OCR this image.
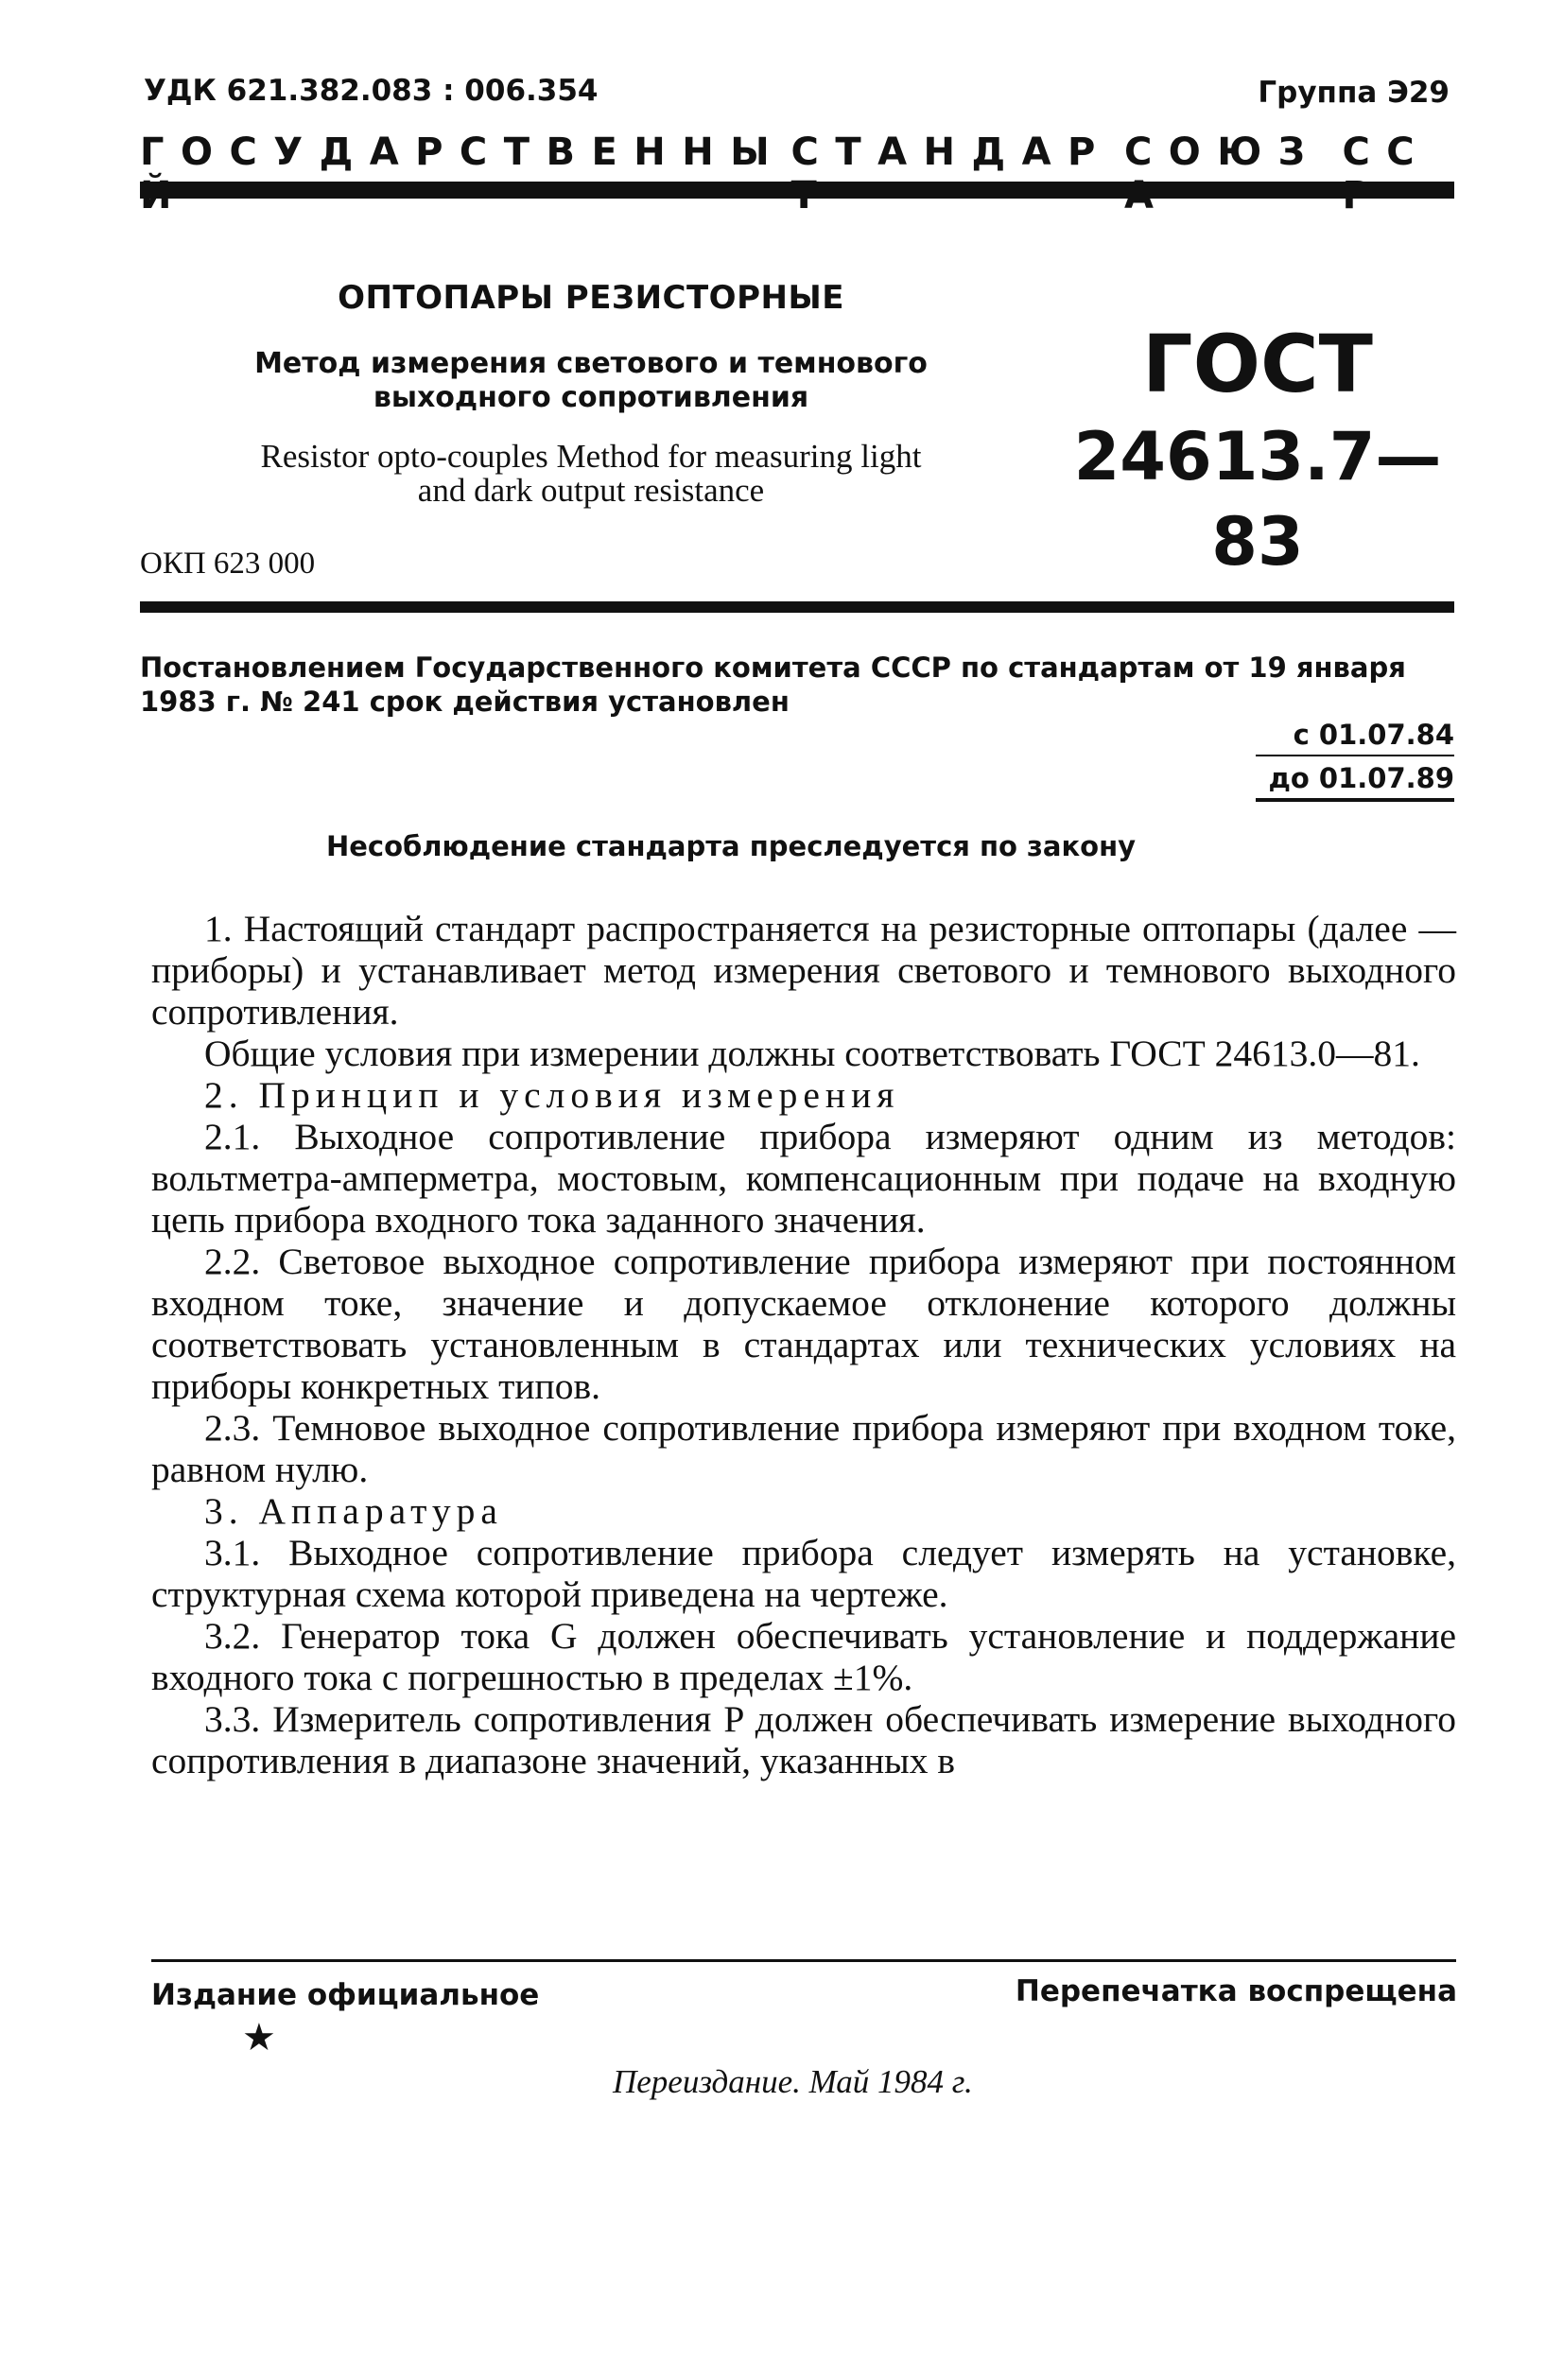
УДК 621.382.083 : 006.354	Группа Э29
Г  О  С  У  Д  А  Р  С  Т  В  Е  Н  Н  Ы   С  Т  А  Н  Д  А  Р   С  О  Ю  З   С  С  
ОПТОПАРЫ РЕЗИСТОРНЫЕ
Метод измерения светового и темнового
выходного сопротивления
Resistor opto-couples Method for measuring light
and dark output resistance
ГОСТ
24613.7—83
ОКП 623 000
Постановлением Государственного комитета СССР по стандартам от 19 января
1983 г. № 241 срок действия установлен
с 01.07.84
до 01.07.89
Несоблюдение стандарта преследуется по закону

1. Настоящий стандарт распространяется на резисторные оптопары (далее — приборы) и устанавливает метод измерения светового и темнового выходного сопротивления.

Общие условия при измерении должны соответствовать ГОСТ 24613.0—81.

2. Принцип и условия измерения

2.1. Выходное сопротивление прибора измеряют одним из методов: вольтметра-амперметра, мостовым, компенсационным при подаче на входную цепь прибора входного тока заданного значения.

2.2. Световое выходное сопротивление прибора измеряют при постоянном входном токе, значение и допускаемое отклонение которого должны соответствовать установленным в стандартах или технических условиях на приборы конкретных типов.

2.3. Темновое выходное сопротивление прибора измеряют при входном токе, равном нулю.

3. Аппаратура

3.1. Выходное сопротивление прибора следует измерять на установке, структурная схема которой приведена на чертеже.

3.2. Генератор тока G должен обеспечивать установление и поддержание входного тока с погрешностью в пределах ±1%.

3.3. Измеритель сопротивления P должен обеспечивать измерение выходного сопротивления в диапазоне значений, указанных в

Издание официальное	Перепечатка воспрещена
★
Переиздание. Май 1984 г.
